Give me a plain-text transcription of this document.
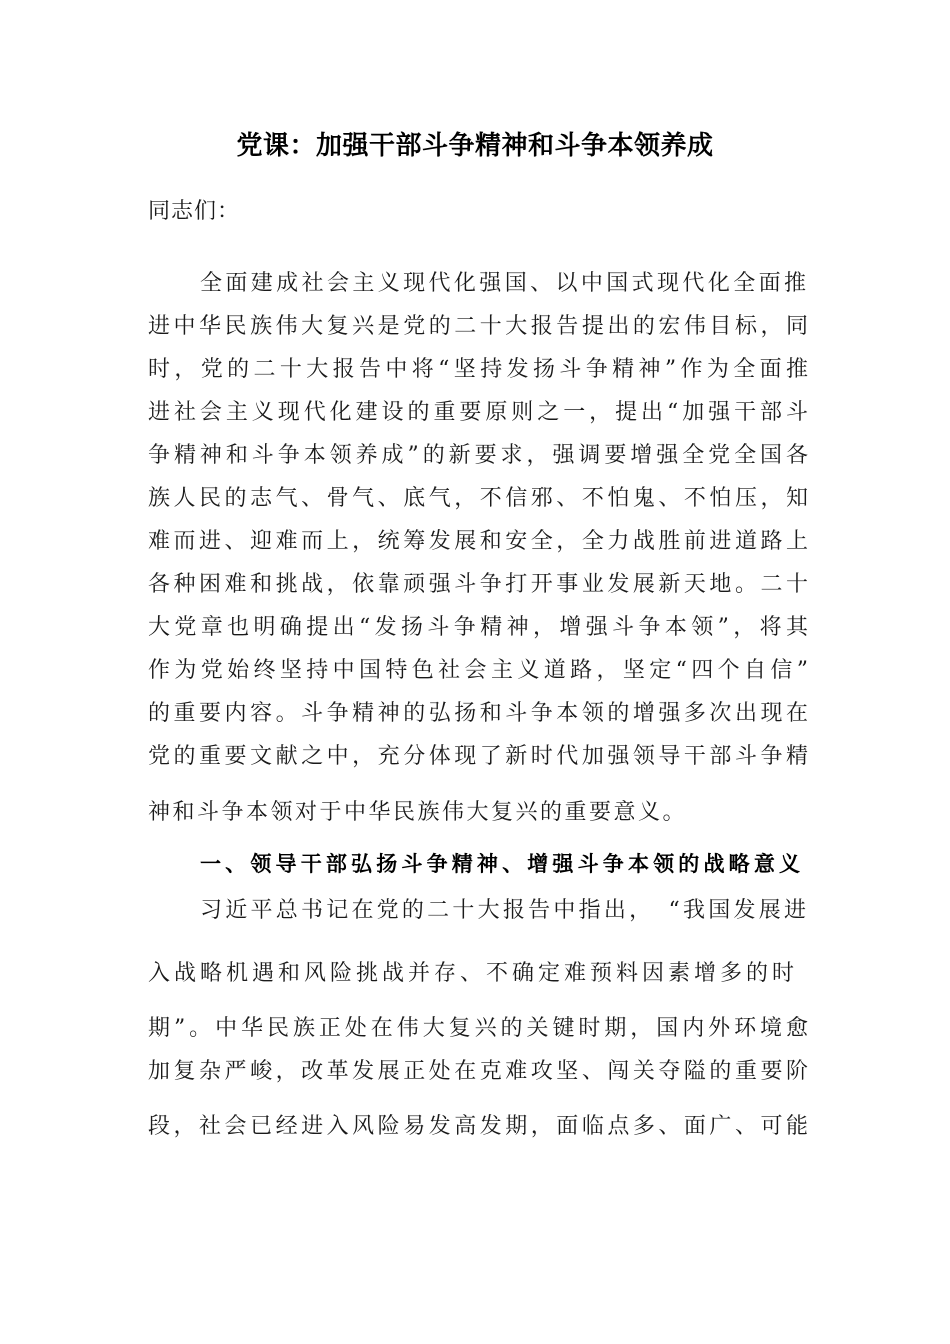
党课：加强干部斗争精神和斗争本领养成
同志们：
全面建成社会主义现代化强国、以中国式现代化全面推
进中华民族伟大复兴是党的二十大报告提出的宏伟目标，同
时，党的二十大报告中将“坚持发扬斗争精神”作为全面推
进社会主义现代化建设的重要原则之一，提出“加强干部斗
争精神和斗争本领养成”的新要求，强调要增强全党全国各
族人民的志气、骨气、底气，不信邪、不怕鬼、不怕压，知
难而进、迎难而上，统筹发展和安全，全力战胜前进道路上
各种困难和挑战，依靠顽强斗争打开事业发展新天地。二十
大党章也明确提出“发扬斗争精神，增强斗争本领”，将其
作为党始终坚持中国特色社会主义道路，坚定“四个自信”
的重要内容。斗争精神的弘扬和斗争本领的增强多次出现在
党的重要文献之中，充分体现了新时代加强领导干部斗争精
神和斗争本领对于中华民族伟大复兴的重要意义。
一、领导干部弘扬斗争精神、增强斗争本领的战略意义
习近平总书记在党的二十大报告中指出，　“我国发展进
入战略机遇和风险挑战并存、不确定难预料因素增多的时
期”。中华民族正处在伟大复兴的关键时期，国内外环境愈
加复杂严峻，改革发展正处在克难攻坚、闯关夺隘的重要阶
段，社会已经进入风险易发高发期，面临点多、面广、可能
